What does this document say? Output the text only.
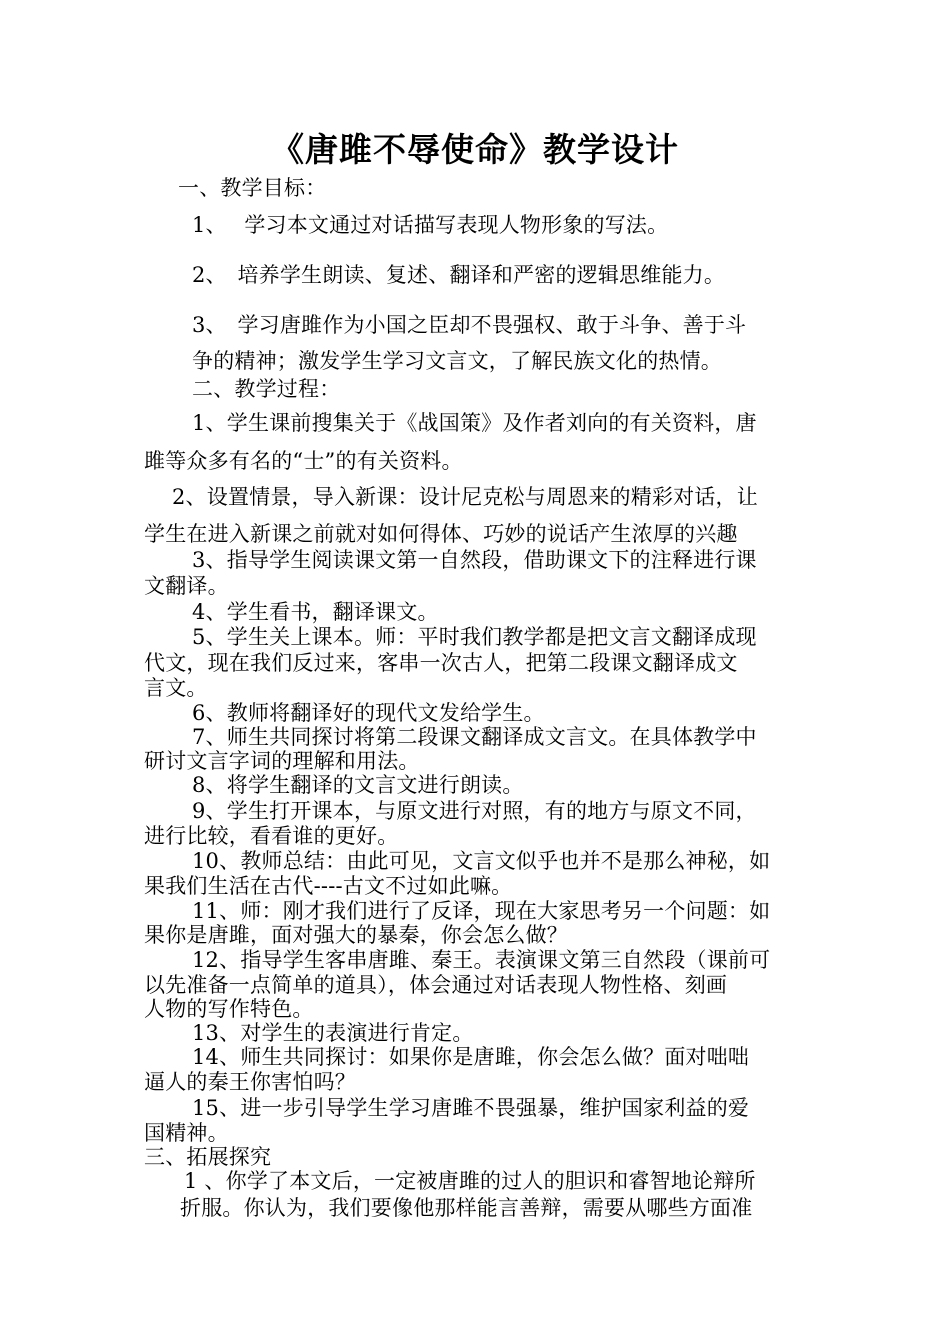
《唐雎不辱使命》教学设计
一、教学目标：
1、　 学习本文通过对话描写表现人物形象的写法。
2、　培养学生朗读、复述、翻译和严密的逻辑思维能力。
3、　学习唐雎作为小国之臣却不畏强权、敢于斗争、善于斗
争的精神；激发学生学习文言文，了解民族文化的热情。
二、教学过程：
1、学生课前搜集关于《战国策》及作者刘向的有关资料，唐
雎等众多有名的“士”的有关资料。
2、设置情景，导入新课：设计尼克松与周恩来的精彩对话，让
学生在进入新课之前就对如何得体、巧妙的说话产生浓厚的兴趣
3、指导学生阅读课文第一自然段，借助课文下的注释进行课
文翻译。
4、学生看书，翻译课文。
5、学生关上课本。师：平时我们教学都是把文言文翻译成现
代文，现在我们反过来，客串一次古人，把第二段课文翻译成文
言文。
6、教师将翻译好的现代文发给学生。
7、师生共同探讨将第二段课文翻译成文言文。在具体教学中
研讨文言字词的理解和用法。
8、将学生翻译的文言文进行朗读。
9、学生打开课本，与原文进行对照，有的地方与原文不同，
进行比较，看看谁的更好。
10、教师总结：由此可见，文言文似乎也并不是那么神秘，如
果我们生活在古代----古文不过如此嘛。
11、师：刚才我们进行了反译，现在大家思考另一个问题：如
果你是唐雎，面对强大的暴秦，你会怎么做？
12、指导学生客串唐雎、秦王。表演课文第三自然段（课前可
以先准备一点简单的道具），体会通过对话表现人物性格、刻画
人物的写作特色。
13、对学生的表演进行肯定。
14、师生共同探讨：如果你是唐雎，你会怎么做？面对咄咄
逼人的秦王你害怕吗？
15、进一步引导学生学习唐雎不畏强暴，维护国家利益的爱
国精神。
三、拓展探究
1 、你学了本文后，一定被唐雎的过人的胆识和睿智地论辩所
折服。你认为，我们要像他那样能言善辩，需要从哪些方面准
